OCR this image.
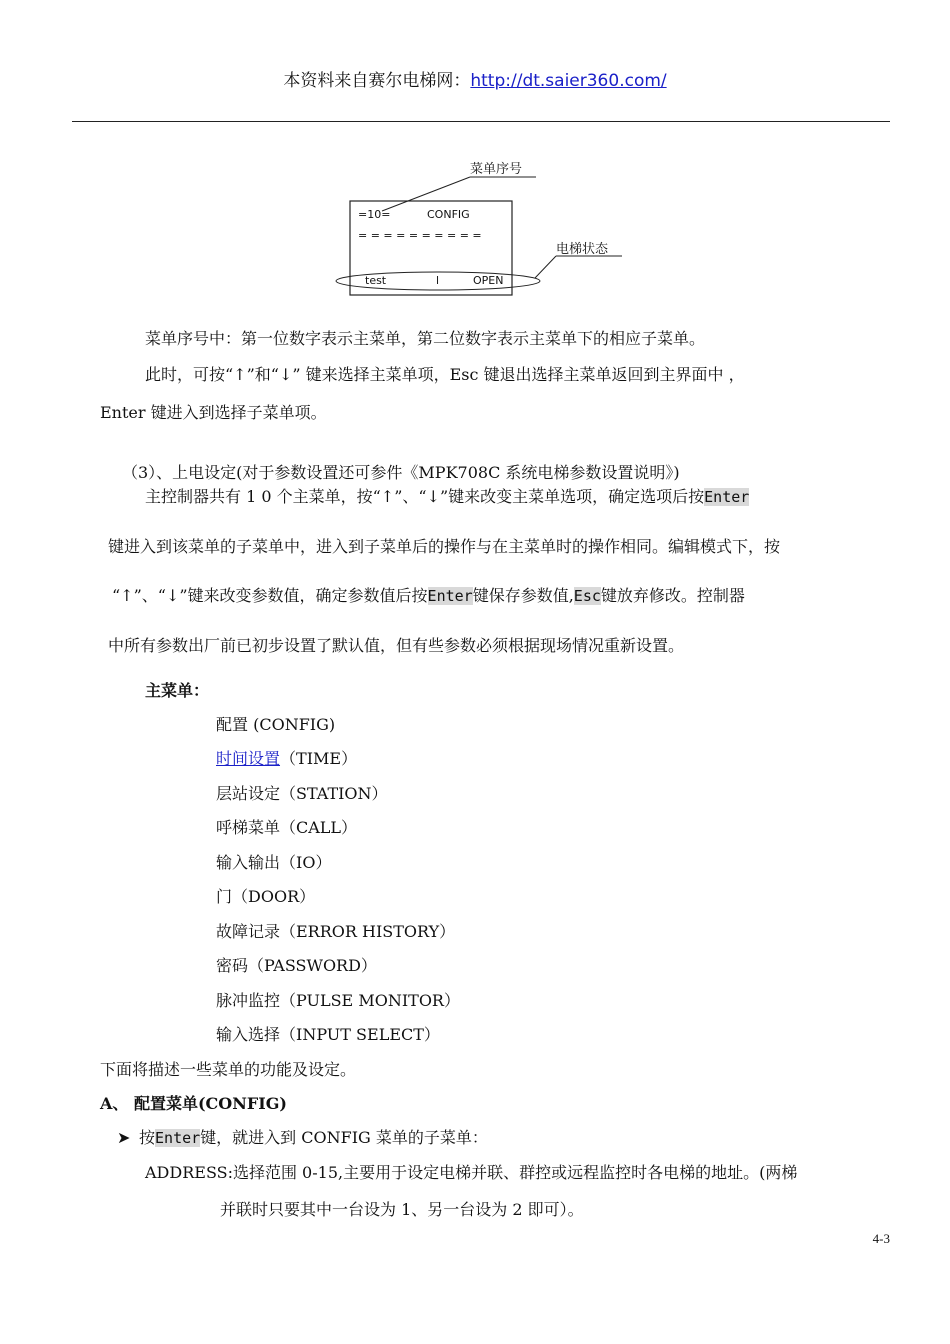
本资料来自赛尔电梯网：http://dt.saier360.com/
菜单序号
电梯状态
=10=	CONFIG
= = = = = = = = = =
test	l	OPEN
菜单序号中：第一位数字表示主菜单，第二位数字表示主菜单下的相应子菜单。
此时，可按“↑”和“↓” 键来选择主菜单项，Esc 键退出选择主菜单返回到主界面中 ，
Enter 键进入到选择子菜单项。
（3）、上电设定(对于参数设置还可参件《MPK708C 系统电梯参数设置说明》)
主控制器共有 1 0 个主菜单，按“↑”、“↓”键来改变主菜单选项，确定选项后按Enter
键进入到该菜单的子菜单中，进入到子菜单后的操作与在主菜单时的操作相同。编辑模式下，按
“↑”、“↓”键来改变参数值，确定参数值后按Enter键保存参数值,Esc键放弃修改。控制器
中所有参数出厂前已初步设置了默认值，但有些参数必须根据现场情况重新设置。
主菜单：
配置 (CONFIG)
时间设置（TIME）
层站设定（STATION）
呼梯菜单（CALL）
输入输出（IO）
门（DOOR）
故障记录（ERROR HISTORY）
密码（PASSWORD）
脉冲监控（PULSE MONITOR）
输入选择（INPUT SELECT）
下面将描述一些菜单的功能及设定。
A、 配置菜单(CONFIG)
➤ 按Enter键，就进入到 CONFIG 菜单的子菜单：
ADDRESS:选择范围 0-15,主要用于设定电梯并联、群控或远程监控时各电梯的地址。(两梯
并联时只要其中一台设为 1、另一台设为 2 即可）。
4-3
